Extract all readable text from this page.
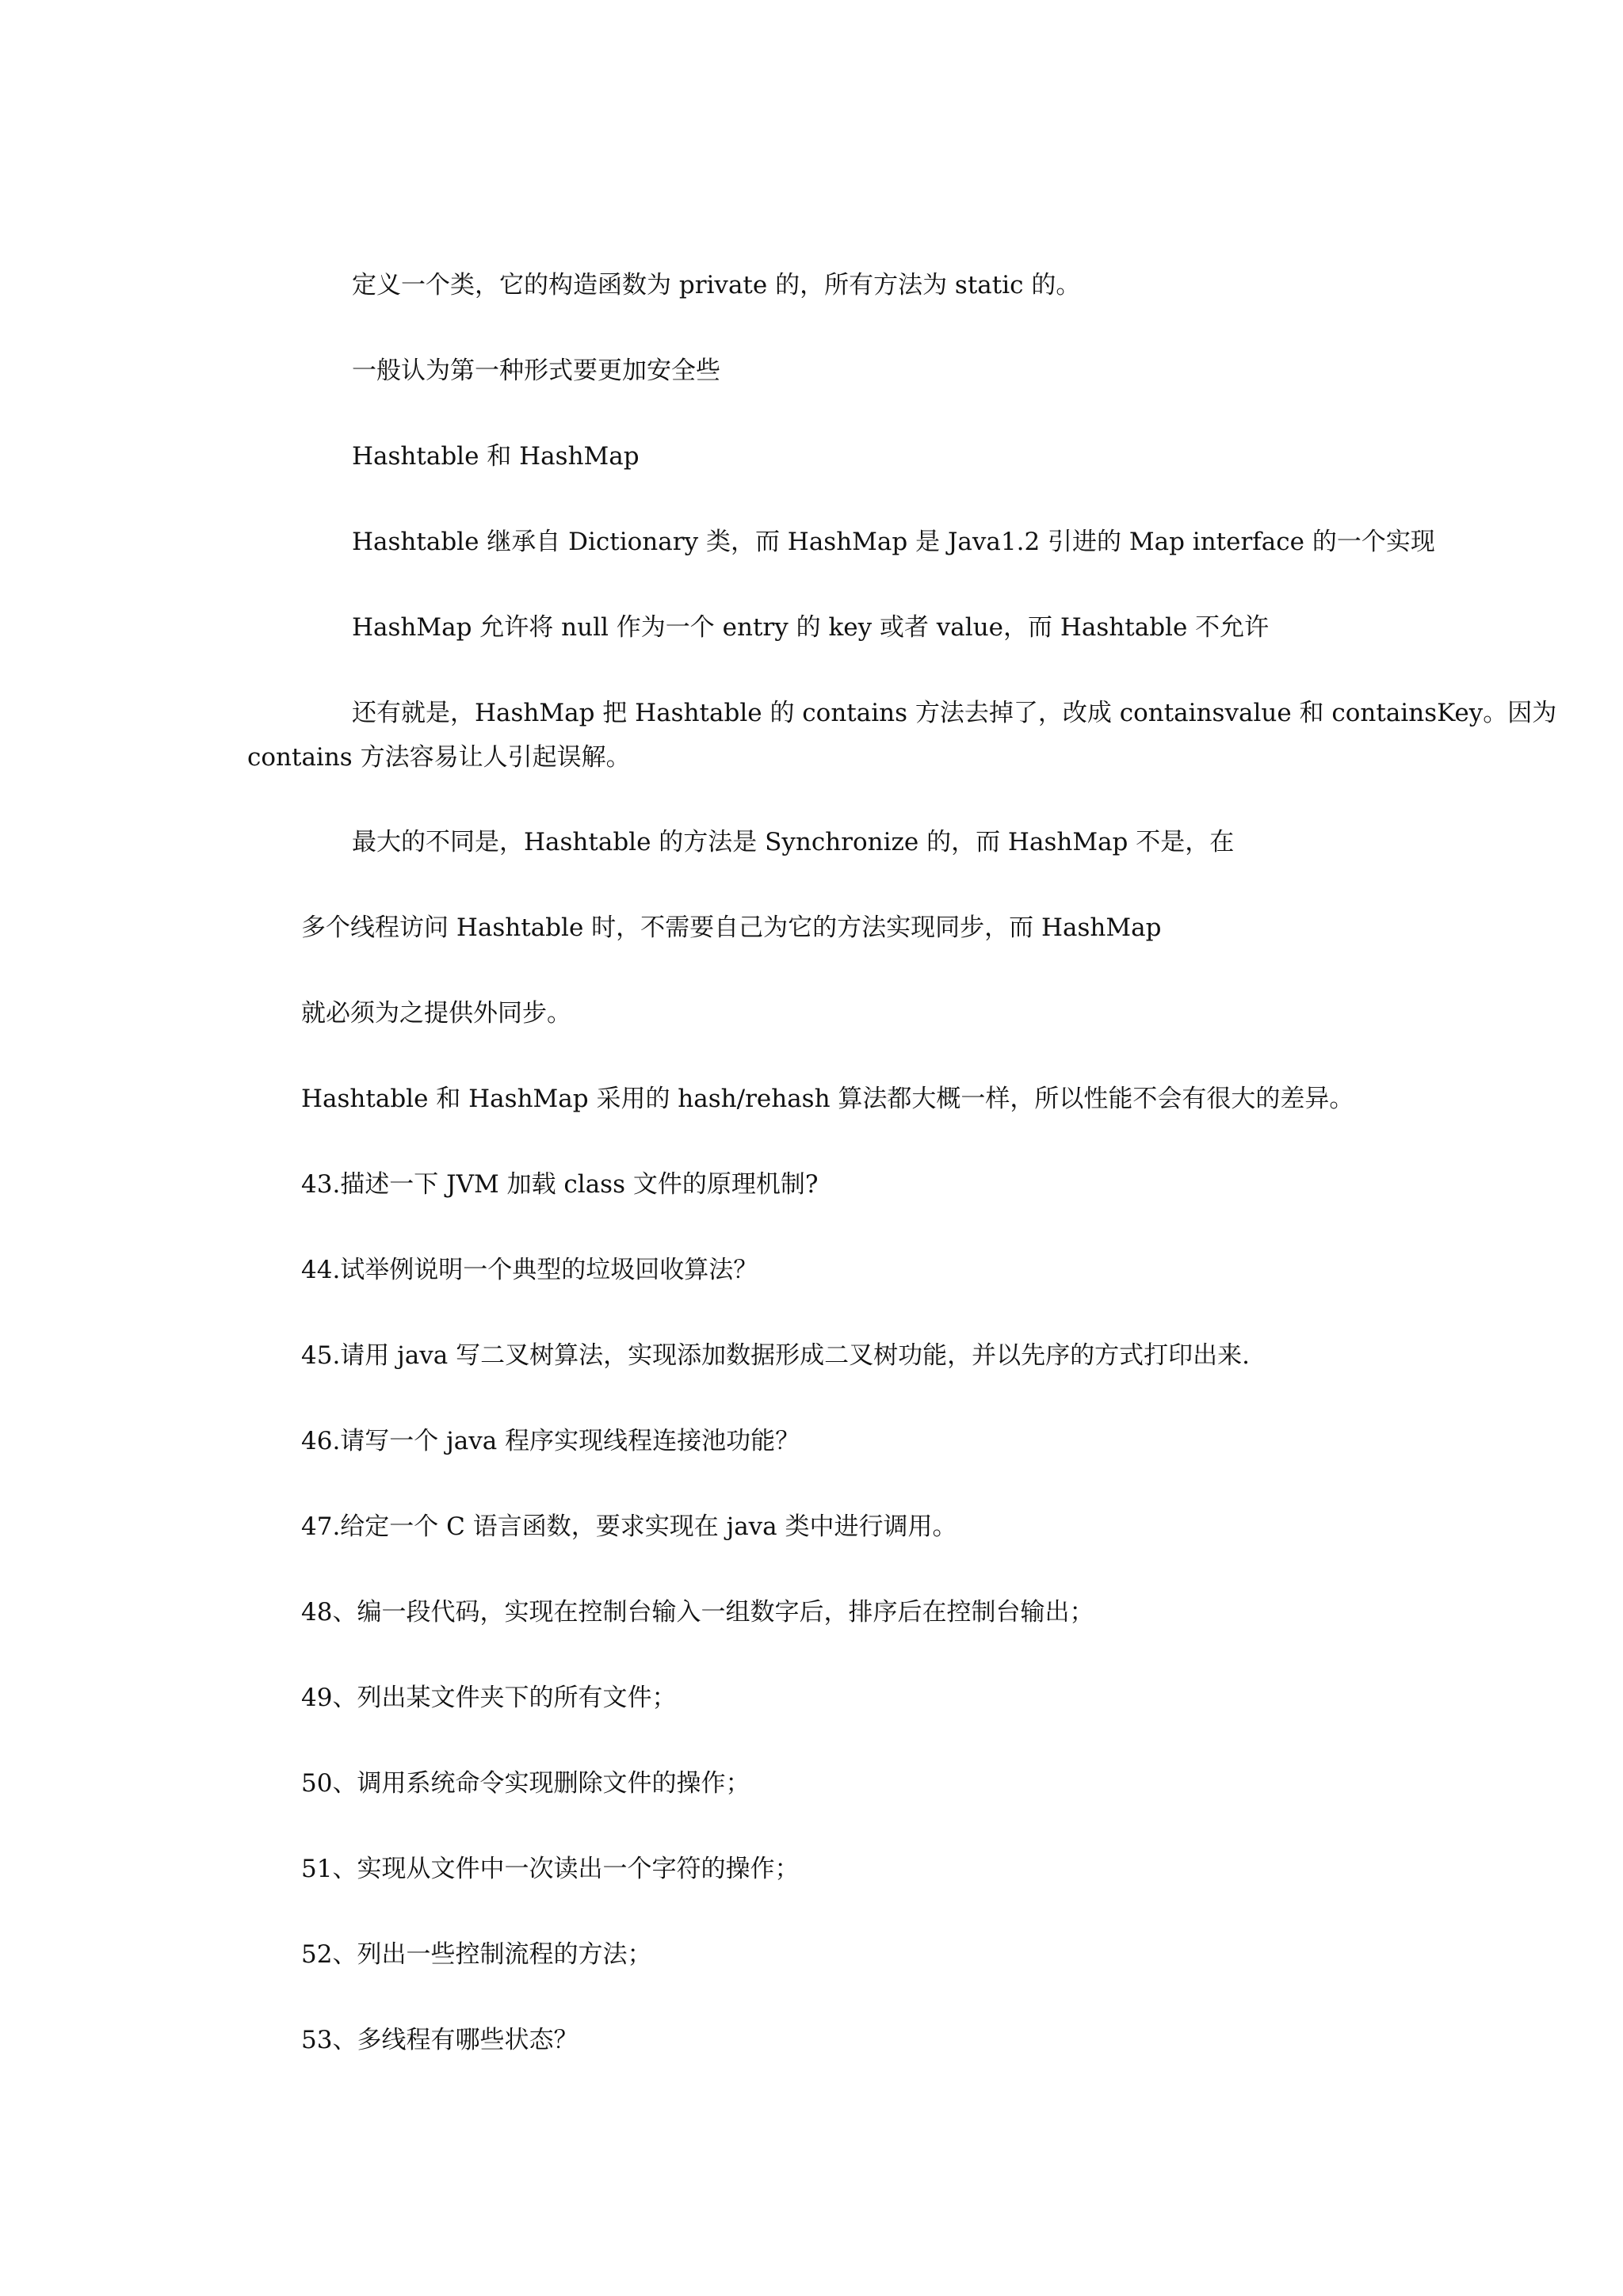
定义一个类，它的构造函数为 private 的，所有方法为 static 的。

一般认为第一种形式要更加安全些

Hashtable 和 HashMap

Hashtable 继承自 Dictionary 类，而 HashMap 是 Java1.2 引进的 Map interface 的一个实现

HashMap 允许将 null 作为一个 entry 的 key 或者 value，而 Hashtable 不允许

还有就是，HashMap 把 Hashtable 的 contains 方法去掉了，改成 containsvalue 和 containsKey。因为

contains 方法容易让人引起误解。

最大的不同是，Hashtable 的方法是 Synchronize 的，而 HashMap 不是，在

多个线程访问 Hashtable 时，不需要自己为它的方法实现同步，而 HashMap

就必须为之提供外同步。

Hashtable 和 HashMap 采用的 hash/rehash 算法都大概一样，所以性能不会有很大的差异。

43.描述一下 JVM 加载 class 文件的原理机制?

44.试举例说明一个典型的垃圾回收算法？

45.请用 java 写二叉树算法，实现添加数据形成二叉树功能，并以先序的方式打印出来.

46.请写一个 java 程序实现线程连接池功能？

47.给定一个 C 语言函数，要求实现在 java 类中进行调用。

48、编一段代码，实现在控制台输入一组数字后，排序后在控制台输出；

49、列出某文件夹下的所有文件；

50、调用系统命令实现删除文件的操作；

51、实现从文件中一次读出一个字符的操作；

52、列出一些控制流程的方法；

53、多线程有哪些状态？
